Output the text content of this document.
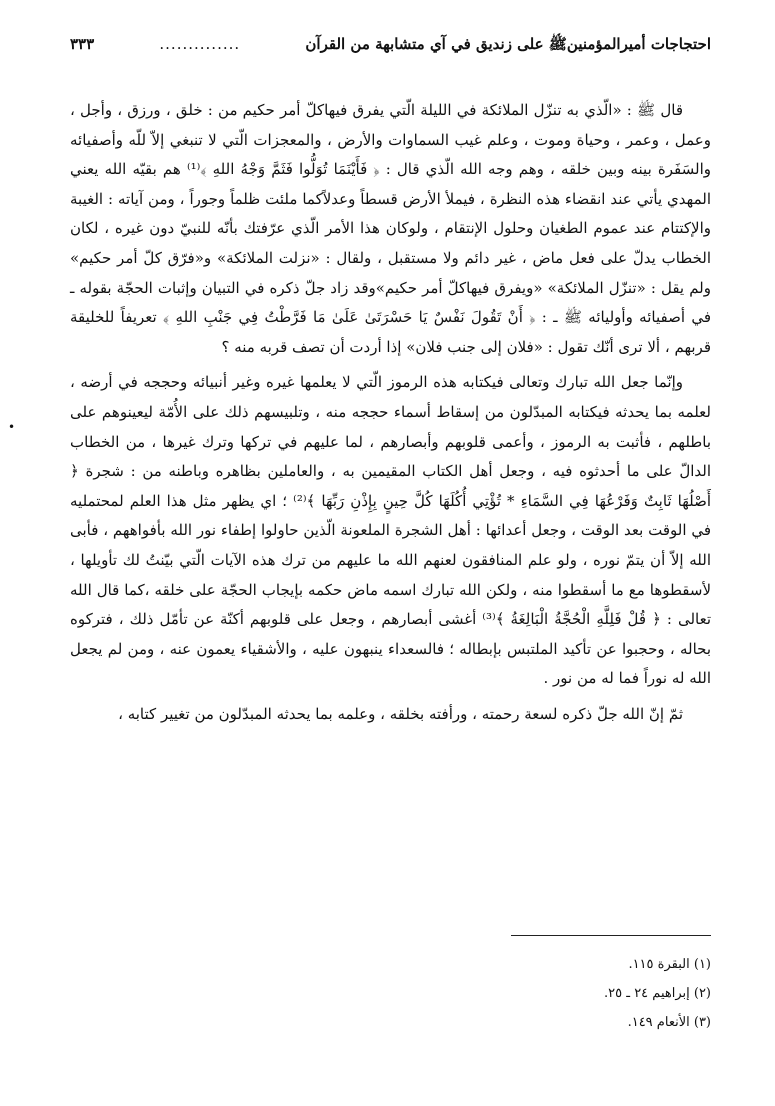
احتجاجات أميرالمؤمنينﷺ على زنديق في آي متشابهة من القرآن
..............
٣٣٣

قال ﷺ : «الّذي به تنزّل الملائكة في الليلة الّتي يفرق فيهاكلّ أمر حكيم من : خلق ، ورزق ، وأجل ، وعمل ، وعمر ، وحياة وموت ، وعلم غيب السماوات والأرض ، والمعجزات الّتي لا تنبغي إلاّ للّه وأصفيائه والسَفَرة بينه وبين خلقه ، وهم وجه الله الّذي قال : ﴿ فَأَيْنَمَا تُوَلُّوا فَثَمَّ وَجْهُ اللهِ ﴾⁽¹⁾ هم بقيّه الله يعني المهدي يأتي عند انقضاء هذه النظرة ، فيملأ الأرض قسطاً وعدلاًكما ملئت ظلماً وجوراً ، ومن آياته : الغيبة والإكتتام عند عموم الطغيان وحلول الإنتقام ، ولوكان هذا الأمر الّذي عرّفتك بأنّه للنبيّ دون غيره ، لكان الخطاب يدلّ على فعل ماض ، غير دائم ولا مستقبل ، ولقال : «نزلت الملائكة» و«فرّق كلّ أمر حكيم» ولم يقل : «تنزّل الملائكة» «ويفرق فيهاكلّ أمر حكيم»وقد زاد جلّ ذكره في التبيان وإثبات الحجّة بقوله ـ في أصفيائه وأوليائه ﷺ ـ : ﴿ أَنْ تَقُولَ نَفْسٌ يَا حَسْرَتَىٰ عَلَىٰ مَا فَرَّطْتُ فِي جَنْبِ اللهِ ﴾ تعريفاً للخليقة قربهم ، ألا ترى أنّك تقول : «فلان إلى جنب فلان» إذا أردت أن تصف قربه منه ؟

وإنّما جعل الله تبارك وتعالى فيكتابه هذه الرموز الّتي لا يعلمها غيره وغير أنبيائه وحججه في أرضه ، لعلمه بما يحدثه فيكتابه المبدّلون من إسقاط أسماء حججه منه ، وتلبيسهم ذلك على الأُمّة ليعينوهم على باطلهم ، فأثبت به الرموز ، وأعمى قلوبهم وأبصارهم ، لما عليهم في تركها وترك غيرها ، من الخطاب الدالّ على ما أحدثوه فيه ، وجعل أهل الكتاب المقيمين به ، والعاملين بظاهره وباطنه من : شجرة ﴿ أَصْلُهَا ثَابِتٌ وَفَرْعُهَا فِي السَّمَاءِ * تُؤْتِي أُكُلَهَا كُلَّ حِينٍ بِإِذْنِ رَبِّهَا ﴾⁽²⁾ ؛ اي يظهر مثل هذا العلم لمحتمليه في الوقت بعد الوقت ، وجعل أعدائها : أهل الشجرة الملعونة الّذين حاولوا إطفاء نور الله بأفواههم ، فأبى الله إلاّ أن يتمّ نوره ، ولو علم المنافقون لعنهم الله ما عليهم من ترك هذه الآيات الّتي بيّنتُ لك تأويلها ، لأسقطوها مع ما أسقطوا منه ، ولكن الله تبارك اسمه ماض حكمه بإيجاب الحجّة على خلقه ،كما قال الله تعالى : ﴿ قُلْ فَلِلَّهِ الْحُجَّةُ الْبَالِغَةُ ﴾⁽³⁾ أغشى أبصارهم ، وجعل على قلوبهم أكنّة عن تأمّل ذلك ، فتركوه بحاله ، وحجبوا عن تأكيد الملتبس بإبطاله ؛ فالسعداء ينبهون عليه ، والأشقياء يعمون عنه ، ومن لم يجعل الله له نوراً فما له من نور .

ثمّ إنّ الله جلّ ذكره لسعة رحمته ، ورأفته بخلقه ، وعلمه بما يحدثه المبدّلون من تغيير كتابه ،

(١) البقرة ١١٥.
(٢) إبراهيم ٢٤ ـ ٢٥.
(٣) الأنعام ١٤٩.
•
